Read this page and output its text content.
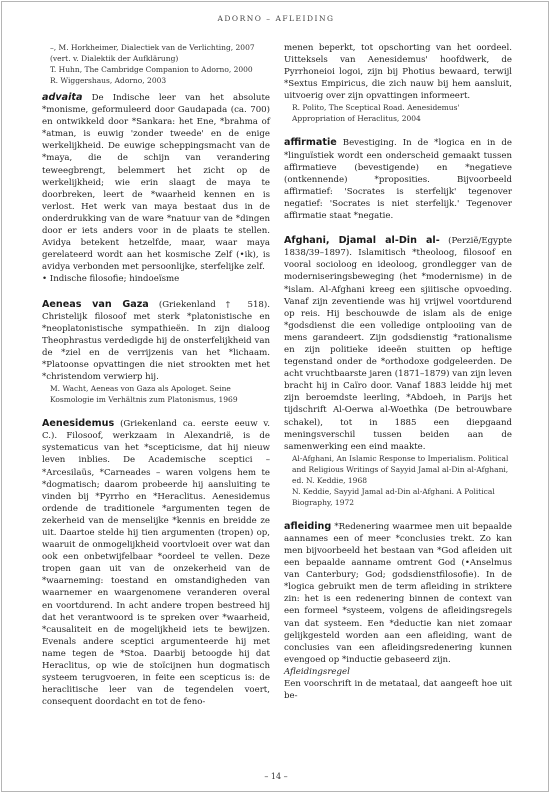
ADORNO – AFLEIDING

–, M. Horkheimer, Dialectiek van de Verlichting, 2007 (vert. v. Dialektik der Aufklärung)

T. Huhn, The Cambridge Companion to Adorno, 2000

R. Wiggershaus, Adorno, 2003

advaita De Indische leer van het absolute *monisme, geformuleerd door Gaudapada (ca. 700) en ontwikkeld door *Sankara: het Ene, *brahma of *atman, is euwig 'zonder tweede' en de enige werkelijkheid. De euwige scheppingsmacht van de *maya, die de schijn van verandering teweegbrengt, belemmert het zicht op de werkelijkheid; wie erin slaagt de maya te doorbreken, leert de *waarheid kennen en is verlost. Het werk van maya bestaat dus in de onderdrukking van de ware *natuur van de *dingen door er iets anders voor in de plaats te stellen. Avidya betekent hetzelfde, maar, waar maya gerelateerd wordt aan het kosmische Zelf (•ik), is avidya verbonden met persoonlijke, sterfelijke zelf.

• Indische filosofie; hindoeïsme

Aeneas van Gaza (Griekenland † 518). Christelijk filosoof met sterk *platonistische en *neoplatonistische sympathieën. In zijn dialoog Theophrastus verdedigde hij de onsterfelijkheid van de *ziel en de verrijzenis van het *lichaam. *Platoonse opvattingen die niet strookten met het *christendom verwierp hij.

M. Wacht, Aeneas von Gaza als Apologet. Seine Kosmologie im Verhältnis zum Platonismus, 1969

Aenesidemus (Griekenland ca. eerste eeuw v. C.). Filosoof, werkzaam in Alexandrië, is de systematicus van het *scepticisme, dat hij nieuw leven inblies. De Academische sceptici – *Arcesilaüs, *Carneades – waren volgens hem te *dogmatisch; daarom probeerde hij aansluiting te vinden bij *Pyrrho en *Heraclitus. Aenesidemus ordende de traditionele *argumenten tegen de zekerheid van de menselijke *kennis en breidde ze uit. Daartoe stelde hij tien argumenten (tropen) op, waaruit de onmogelijkheid voortvloeit over wat dan ook een onbetwijfelbaar *oordeel te vellen. Deze tropen gaan uit van de onzekerheid van de *waarneming: toestand en omstandigheden van waarnemer en waargenomene veranderen overal en voortdurend. In acht andere tropen bestreed hij dat het verantwoord is te spreken over *waarheid, *causaliteit en de mogelijkheid iets te bewijzen. Evenals andere sceptici argumenteerde hij met name tegen de *Stoa. Daarbij betoogde hij dat Heraclitus, op wie de stoïcijnen hun dogmatisch systeem terugvoeren, in feite een scepticus is: de heraclitische leer van de tegendelen voert, consequent doordacht en tot de feno-

menen beperkt, tot opschorting van het oordeel. Uitteksels van Aenesidemus' hoofdwerk, de Pyrrhoneioi logoi, zijn bij Photius bewaard, terwijl *Sextus Empiricus, die zich nauw bij hem aansluit, uitvoerig over zijn opvattingen informeert.

R. Polito, The Sceptical Road. Aenesidemus' Appropriation of Heraclitus, 2004

affirmatie Bevestiging. In de *logica en in de *linguïstiek wordt een onderscheid gemaakt tussen affirmatieve (bevestigende) en *negatieve (ontkennende) *proposities. Bijvoorbeeld affirmatief: 'Socrates is sterfelijk' tegenover negatief: 'Socrates is niet sterfelijk.' Tegenover affirmatie staat *negatie.

Afghani, Djamal al-Din al- (Perzië/Egypte 1838/39–1897). Islamitisch *theoloog, filosoof en vooral socioloog en ideoloog, grondlegger van de moderniseringsbeweging (het *modernisme) in de *islam. Al-Afghani kreeg een sjiitische opvoeding. Vanaf zijn zeventiende was hij vrijwel voortdurend op reis. Hij beschouwde de islam als de enige *godsdienst die een volledige ontplooiing van de mens garandeert. Zijn godsdienstig *rationalisme en zijn politieke ideeën stuitten op heftige tegenstand onder de *orthodoxe godgeleerden. De acht vruchtbaarste jaren (1871–1879) van zijn leven bracht hij in Caïro door. Vanaf 1883 leidde hij met zijn beroemdste leerling, *Abdoeh, in Parijs het tijdschrift Al-Oerwa al-Woethka (De betrouwbare schakel), tot in 1885 een diepgaand meningsverschil tussen beiden aan de samenwerking een eind maakte.

Al-Afghani, An Islamic Response to Imperialism. Political and Religious Writings of Sayyid Jamal al-Din al-Afghani, ed. N. Keddie, 1968

N. Keddie, Sayyid Jamal ad-Din al-Afghani. A Political Biography, 1972

afleiding *Redenering waarmee men uit bepaalde aannames een of meer *conclusies trekt. Zo kan men bijvoorbeeld het bestaan van *God afleiden uit een bepaalde aanname omtrent God (•Anselmus van Canterbury; God; godsdienstfilosofie). In de *logica gebruikt men de term afleiding in striktere zin: het is een redenering binnen de context van een formeel *systeem, volgens de afleidingsregels van dat systeem. Een *deductie kan niet zomaar gelijkgesteld worden aan een afleiding, want de conclusies van een afleidingsredenering kunnen evengoed op *inductie gebaseerd zijn.

Afleidingsregel

Een voorschrift in de metataal, dat aangeeft hoe uit be-

– 14 –
